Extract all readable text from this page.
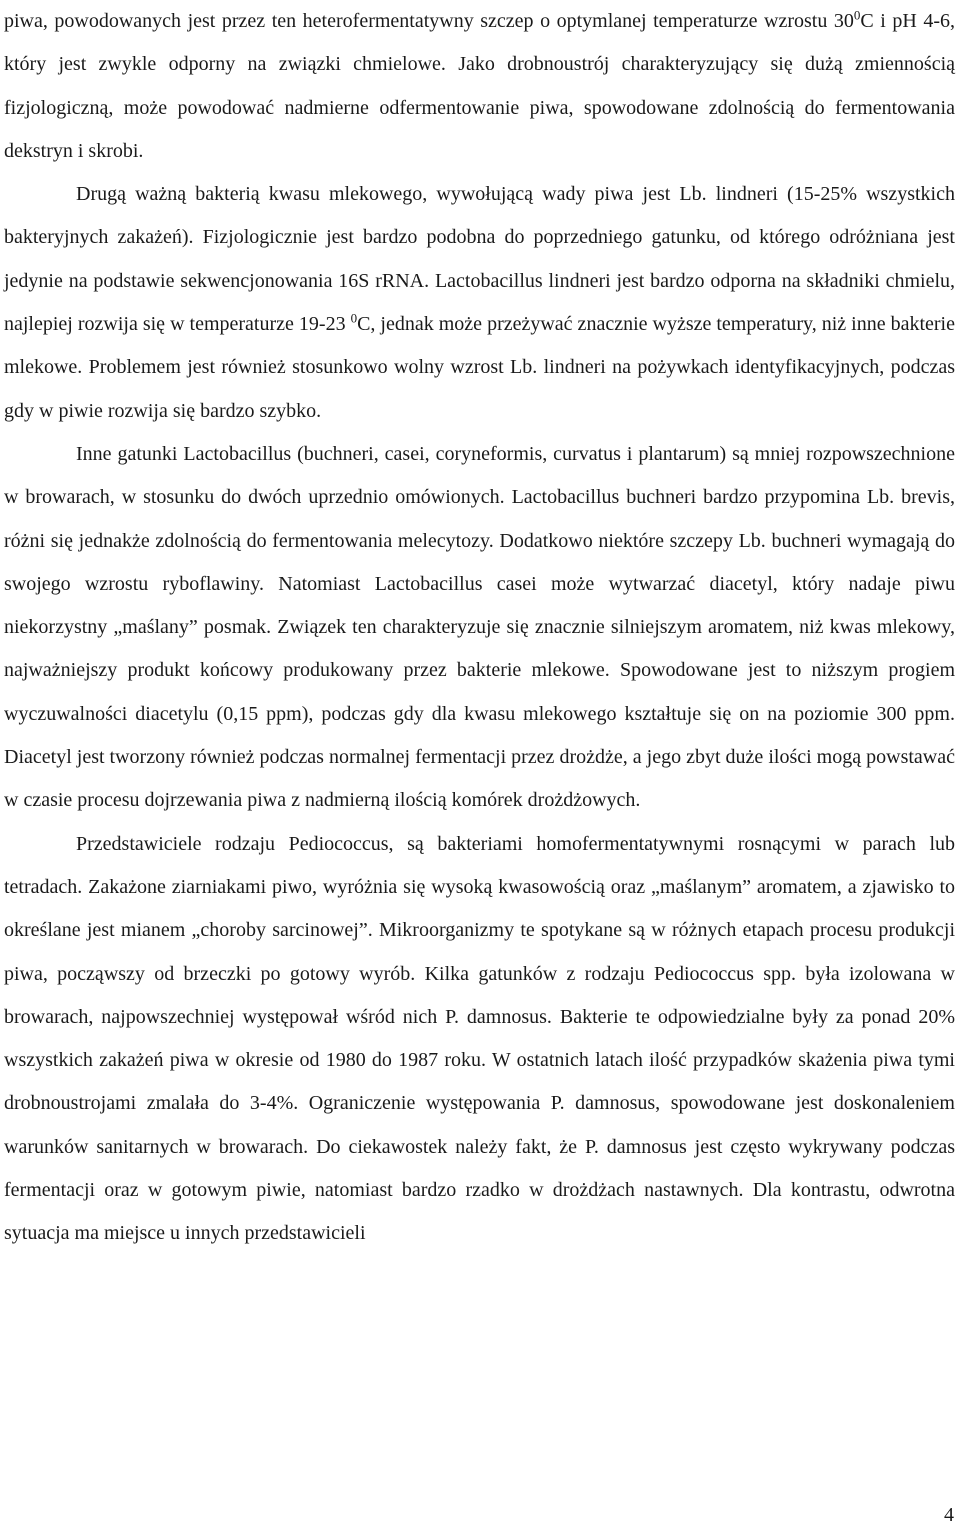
piwa, powodowanych jest przez ten heterofermentatywny szczep o optymlanej temperaturze wzrostu $30^0C$ i pH 4-6, który jest zwykle odporny na związki chmielowe. Jako drobnoustrój charakteryzujący się dużą zmiennością fizjologiczną, może powodować nadmierne odfermentowanie piwa, spowodowane zdolnością do fermentowania dekstryn i skrobi.

Drugą ważną bakterią kwasu mlekowego, wywołującą wady piwa jest Lb. lindneri (15-25% wszystkich bakteryjnych zakażeń). Fizjologicznie jest bardzo podobna do poprzedniego gatunku, od którego odróżniana jest jedynie na podstawie sekwencjonowania 16S rRNA. Lactobacillus lindneri jest bardzo odporna na składniki chmielu, najlepiej rozwija się w temperaturze 19-23 $^0$C, jednak może przeżywać znacznie wyższe temperatury, niż inne bakterie mlekowe. Problemem jest również stosunkowo wolny wzrost Lb. lindneri na pożywkach identyfikacyjnych, podczas gdy w piwie rozwija się bardzo szybko.

Inne gatunki Lactobacillus (buchneri, casei, coryneformis, curvatus i plantarum) są mniej rozpowszechnione w browarach, w stosunku do dwóch uprzednio omówionych. Lactobacillus buchneri bardzo przypomina Lb. brevis, różni się jednakże zdolnością do fermentowania melecytozy. Dodatkowo niektóre szczepy Lb. buchneri wymagają do swojego wzrostu ryboflawiny. Natomiast Lactobacillus casei może wytwarzać diacetyl, który nadaje piwu niekorzystny „maślany” posmak. Związek ten charakteryzuje się znacznie silniejszym aromatem, niż kwas mlekowy, najważniejszy produkt końcowy produkowany przez bakterie mlekowe. Spowodowane jest to niższym progiem wyczuwalności diacetylu (0,15 ppm), podczas gdy dla kwasu mlekowego kształtuje się on na poziomie 300 ppm. Diacetyl jest tworzony również podczas normalnej fermentacji przez drożdże, a jego zbyt duże ilości mogą powstawać w czasie procesu dojrzewania piwa z nadmierną ilością komórek drożdżowych.

Przedstawiciele rodzaju Pediococcus, są bakteriami homofermentatywnymi rosnącymi w parach lub tetradach. Zakażone ziarniakami piwo, wyróżnia się wysoką kwasowością oraz „maślanym” aromatem, a zjawisko to określane jest mianem „choroby sarcinowej”. Mikroorganizmy te spotykane są w różnych etapach procesu produkcji piwa, począwszy od brzeczki po gotowy wyrób. Kilka gatunków z rodzaju Pediococcus spp. była izolowana w browarach, najpowszechniej występował wśród nich P. damnosus. Bakterie te odpowiedzialne były za ponad 20% wszystkich zakażeń piwa w okresie od 1980 do 1987 roku. W ostatnich latach ilość przypadków skażenia piwa tymi drobnoustrojami zmalała do 3-4%. Ograniczenie występowania P. damnosus, spowodowane jest doskonaleniem warunków sanitarnych w browarach. Do ciekawostek należy fakt, że P. damnosus jest często wykrywany podczas fermentacji oraz w gotowym piwie, natomiast bardzo rzadko w drożdżach nastawnych. Dla kontrastu, odwrotna sytuacja ma miejsce u innych przedstawicieli

4
